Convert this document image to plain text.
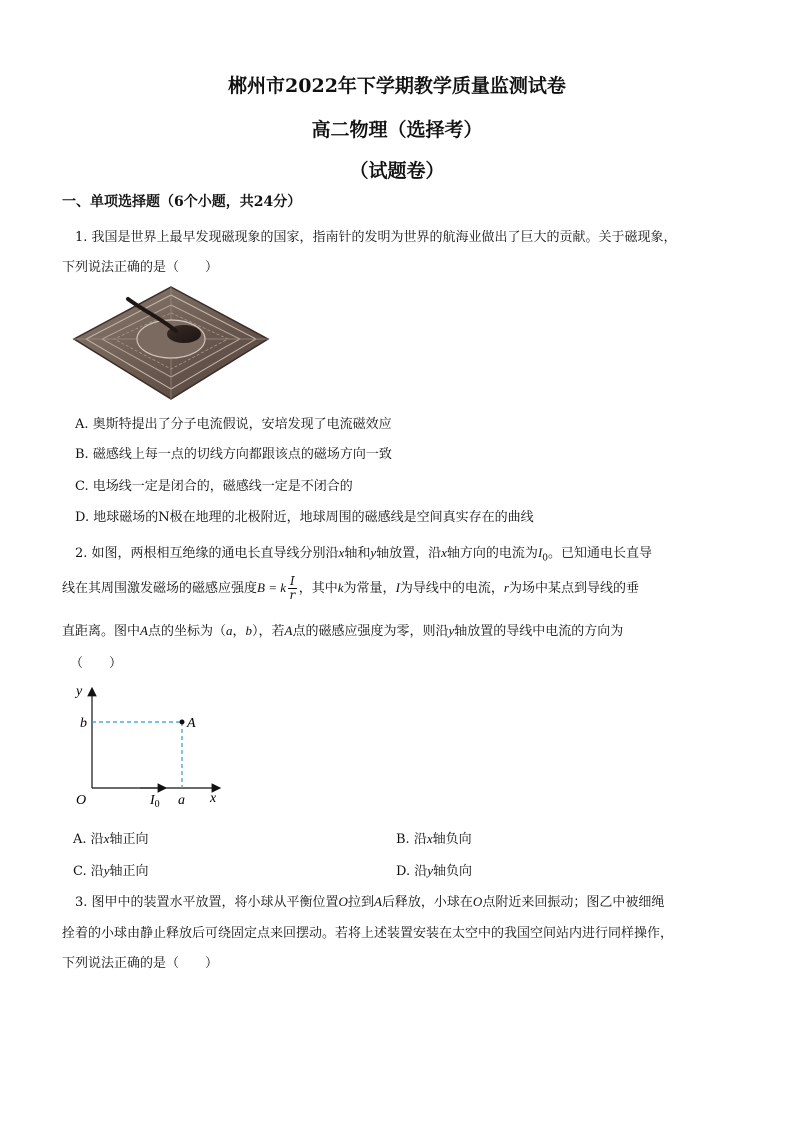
郴州市2022年下学期教学质量监测试卷
高二物理（选择考）
（试题卷）
一、单项选择题（6个小题，共24分）
1. 我国是世界上最早发现磁现象的国家，指南针的发明为世界的航海业做出了巨大的贡献。关于磁现象，
下列说法正确的是（　　）
A. 奥斯特提出了分子电流假说，安培发现了电流磁效应
B. 磁感线上每一点的切线方向都跟该点的磁场方向一致
C. 电场线一定是闭合的，磁感线一定是不闭合的
D. 地球磁场的N极在地理的北极附近，地球周围的磁感线是空间真实存在的曲线
2. 如图，两根相互绝缘的通电长直导线分别沿x轴和y轴放置，沿x轴方向的电流为$I_0$。已知通电长直导
线在其周围激发磁场的磁感应强度B = k $\frac{I}{r}$ ，其中k为常量，I为导线中的电流，r为场中某点到导线的垂
直距离。图中A点的坐标为（a，b），若A点的磁感应强度为零，则沿y轴放置的导线中电流的方向为
（　　）
y
x
O
b
a
A
$I_0$
A. 沿x轴正向	B. 沿x轴负向
C. 沿y轴正向	D. 沿y轴负向
3. 图甲中的装置水平放置，将小球从平衡位置O拉到A后释放，小球在O点附近来回振动；图乙中被细绳
拴着的小球由静止释放后可绕固定点来回摆动。若将上述装置安装在太空中的我国空间站内进行同样操作，
下列说法正确的是（　　）
